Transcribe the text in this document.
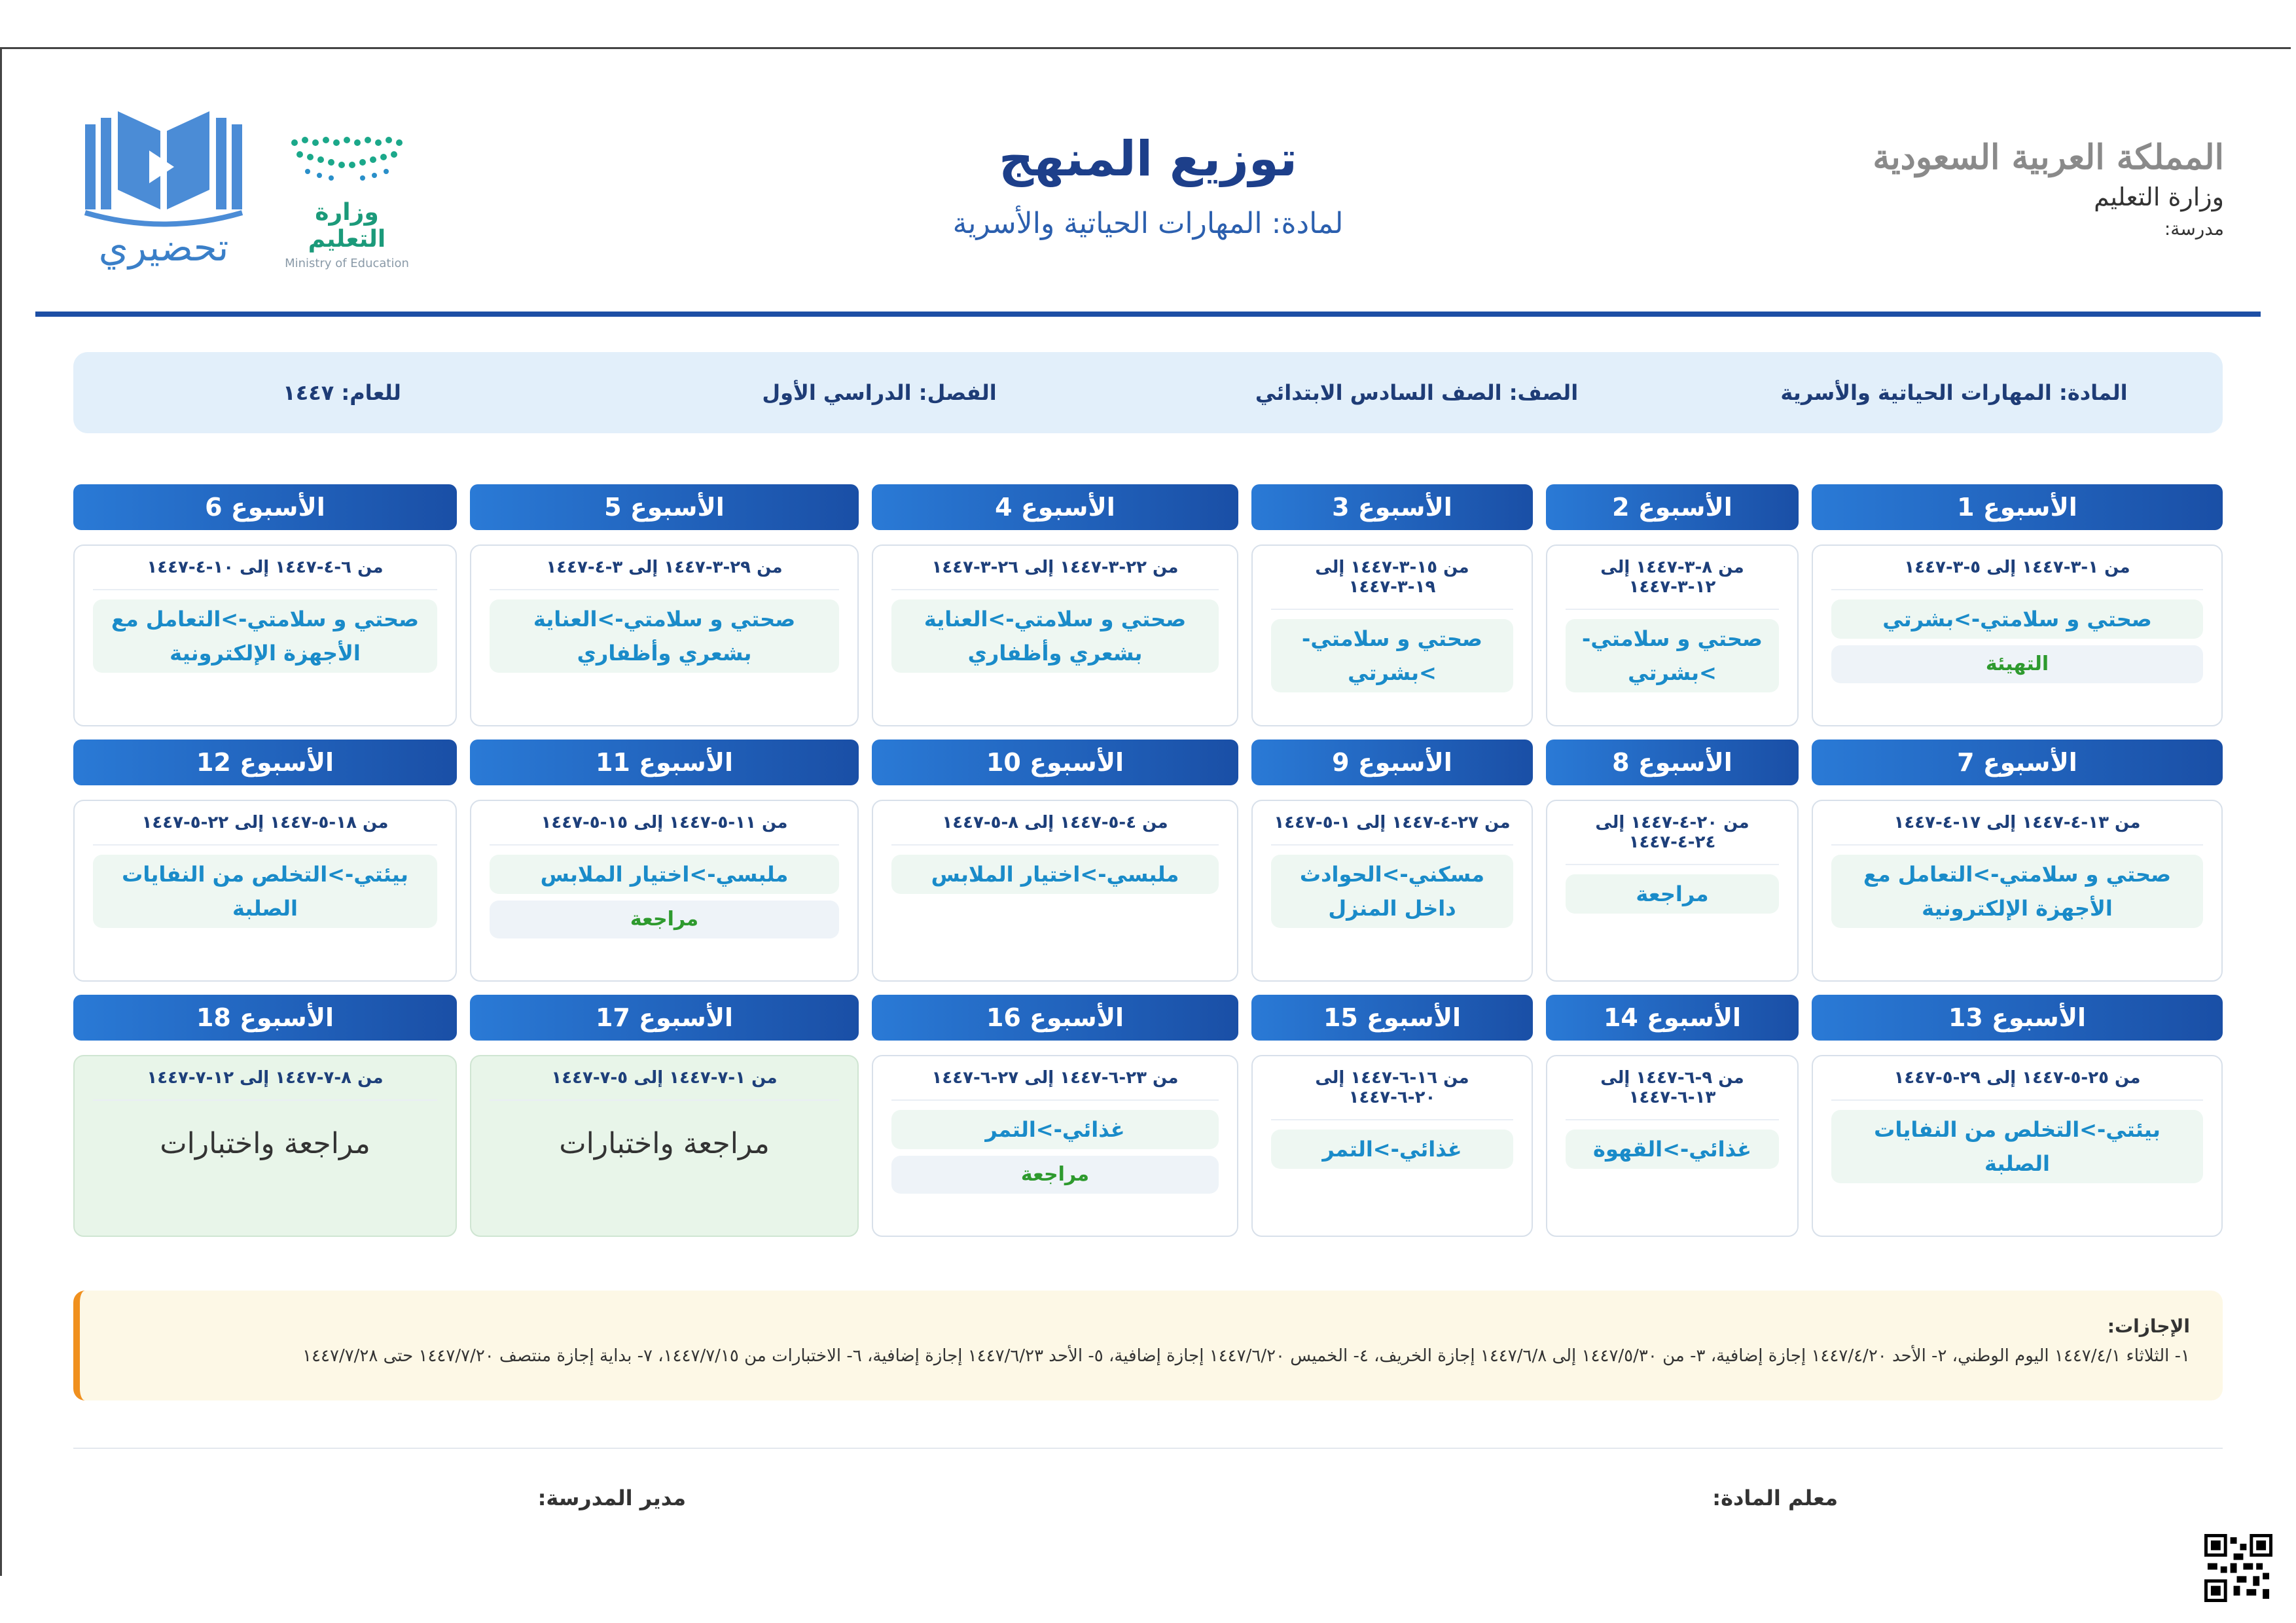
المملكة العربية السعودية
وزارة التعليم
مدرسة:
توزيع المنهج
لمادة: المهارات الحياتية والأسرية
وزارة التعليم
Ministry of Education
تحضيري
المادة: المهارات الحياتية والأسرية
الصف: الصف السادس الابتدائي
الفصل: الدراسي الأول
للعام: ١٤٤٧
الأسبوع 1
من ١-٣-١٤٤٧ إلى ٥-٣-١٤٤٧
صحتي و سلامتي->بشرتي
التهيئة
الأسبوع 2
من ٨-٣-١٤٤٧ إلى ١٢-٣-١٤٤٧
صحتي و سلامتي->بشرتي
الأسبوع 3
من ١٥-٣-١٤٤٧ إلى ١٩-٣-١٤٤٧
صحتي و سلامتي->بشرتي
الأسبوع 4
من ٢٢-٣-١٤٤٧ إلى ٢٦-٣-١٤٤٧
صحتي و سلامتي->العناية بشعري وأظفاري
الأسبوع 5
من ٢٩-٣-١٤٤٧ إلى ٣-٤-١٤٤٧
صحتي و سلامتي->العناية بشعري وأظفاري
الأسبوع 6
من ٦-٤-١٤٤٧ إلى ١٠-٤-١٤٤٧
صحتي و سلامتي->التعامل مع الأجهزة الإلكترونية
الأسبوع 7
من ١٣-٤-١٤٤٧ إلى ١٧-٤-١٤٤٧
صحتي و سلامتي->التعامل مع الأجهزة الإلكترونية
الأسبوع 8
من ٢٠-٤-١٤٤٧ إلى ٢٤-٤-١٤٤٧
مراجعة
الأسبوع 9
من ٢٧-٤-١٤٤٧ إلى ١-٥-١٤٤٧
مسكني->الحوادث داخل المنزل
الأسبوع 10
من ٤-٥-١٤٤٧ إلى ٨-٥-١٤٤٧
ملبسي->اختيار الملابس
الأسبوع 11
من ١١-٥-١٤٤٧ إلى ١٥-٥-١٤٤٧
ملبسي->اختيار الملابس
مراجعة
الأسبوع 12
من ١٨-٥-١٤٤٧ إلى ٢٢-٥-١٤٤٧
بيئتي->التخلص من النفايات الصلبة
الأسبوع 13
من ٢٥-٥-١٤٤٧ إلى ٢٩-٥-١٤٤٧
بيئتي->التخلص من النفايات الصلبة
الأسبوع 14
من ٩-٦-١٤٤٧ إلى ١٣-٦-١٤٤٧
غذائي->القهوة
الأسبوع 15
من ١٦-٦-١٤٤٧ إلى ٢٠-٦-١٤٤٧
غذائي->التمر
الأسبوع 16
من ٢٣-٦-١٤٤٧ إلى ٢٧-٦-١٤٤٧
غذائي->التمر
مراجعة
الأسبوع 17
من ١-٧-١٤٤٧ إلى ٥-٧-١٤٤٧
مراجعة واختبارات
الأسبوع 18
من ٨-٧-١٤٤٧ إلى ١٢-٧-١٤٤٧
مراجعة واختبارات
الإجازات:
١- الثلاثاء ١٤٤٧/٤/١ اليوم الوطني، ٢- الأحد ١٤٤٧/٤/٢٠ إجازة إضافية، ٣- من ١٤٤٧/٥/٣٠ إلى ١٤٤٧/٦/٨ إجازة الخريف، ٤- الخميس ١٤٤٧/٦/٢٠ إجازة إضافية، ٥- الأحد ١٤٤٧/٦/٢٣ إجازة إضافية، ٦- الاختبارات من ١٤٤٧/٧/١٥، ٧- بداية إجازة منتصف ١٤٤٧/٧/٢٠ حتى ١٤٤٧/٧/٢٨
معلم المادة:
مدير المدرسة:
